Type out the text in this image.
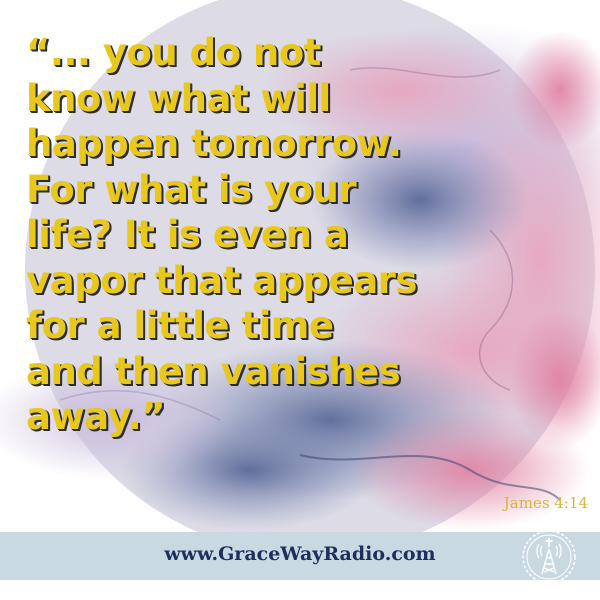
“... you do not
know what will
happen tomorrow.
For what is your
life? It is even a
vapor that appears
for a little time
and then vanishes
away.”
James 4:14
www.GraceWayRadio.com
